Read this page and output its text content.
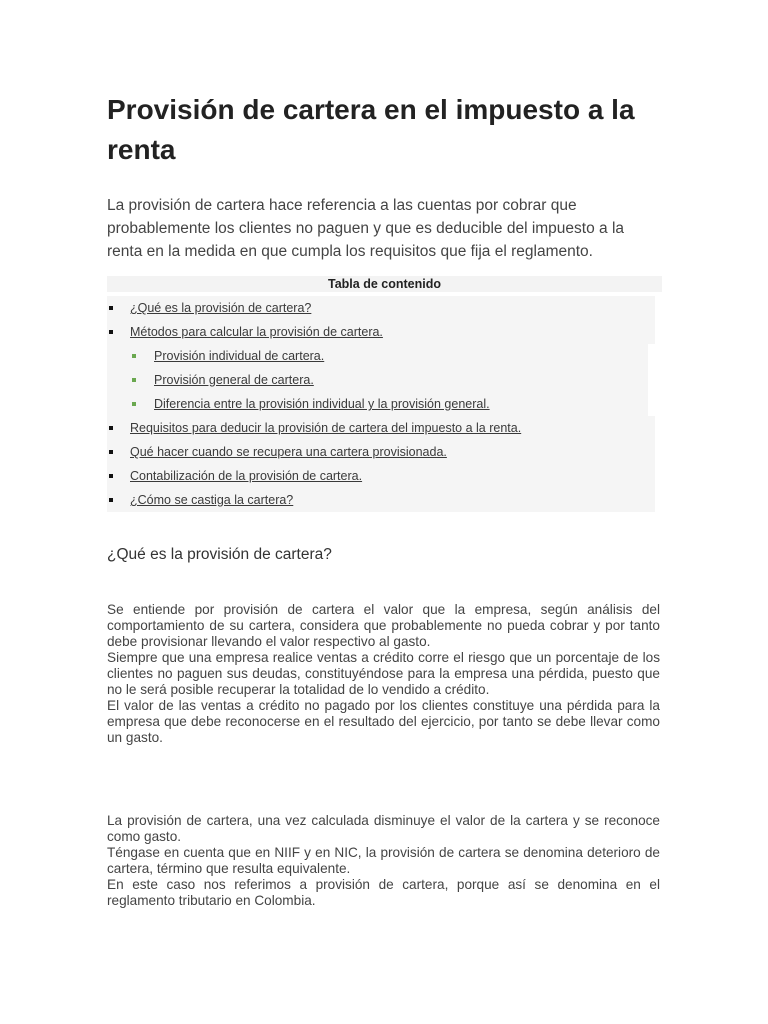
Provisión de cartera en el impuesto a la renta

La provisión de cartera hace referencia a las cuentas por cobrar que probablemente los clientes no paguen y que es deducible del impuesto a la renta en la medida en que cumpla los requisitos que fija el reglamento.

Tabla de contenido
¿Qué es la provisión de cartera?
Métodos para calcular la provisión de cartera.
Provisión individual de cartera.
Provisión general de cartera.
Diferencia entre la provisión individual y la provisión general.
Requisitos para deducir la provisión de cartera del impuesto a la renta.
Qué hacer cuando se recupera una cartera provisionada.
Contabilización de la provisión de cartera.
¿Cómo se castiga la cartera?
¿Qué es la provisión de cartera?

Se entiende por provisión de cartera el valor que la empresa, según análisis del comportamiento de su cartera, considera que probablemente no pueda cobrar y por tanto debe provisionar llevando el valor respectivo al gasto.

Siempre que una empresa realice ventas a crédito corre el riesgo que un porcentaje de los clientes no paguen sus deudas, constituyéndose para la empresa una pérdida, puesto que no le será posible recuperar la totalidad de lo vendido a crédito.

El valor de las ventas a crédito no pagado por los clientes constituye una pérdida para la empresa que debe reconocerse en el resultado del ejercicio, por tanto se debe llevar como un gasto.

La provisión de cartera, una vez calculada disminuye el valor de la cartera y se reconoce como gasto.

Téngase en cuenta que en NIIF y en NIC, la provisión de cartera se denomina deterioro de cartera, término que resulta equivalente.

En este caso nos referimos a provisión de cartera, porque así se denomina en el reglamento tributario en Colombia.
